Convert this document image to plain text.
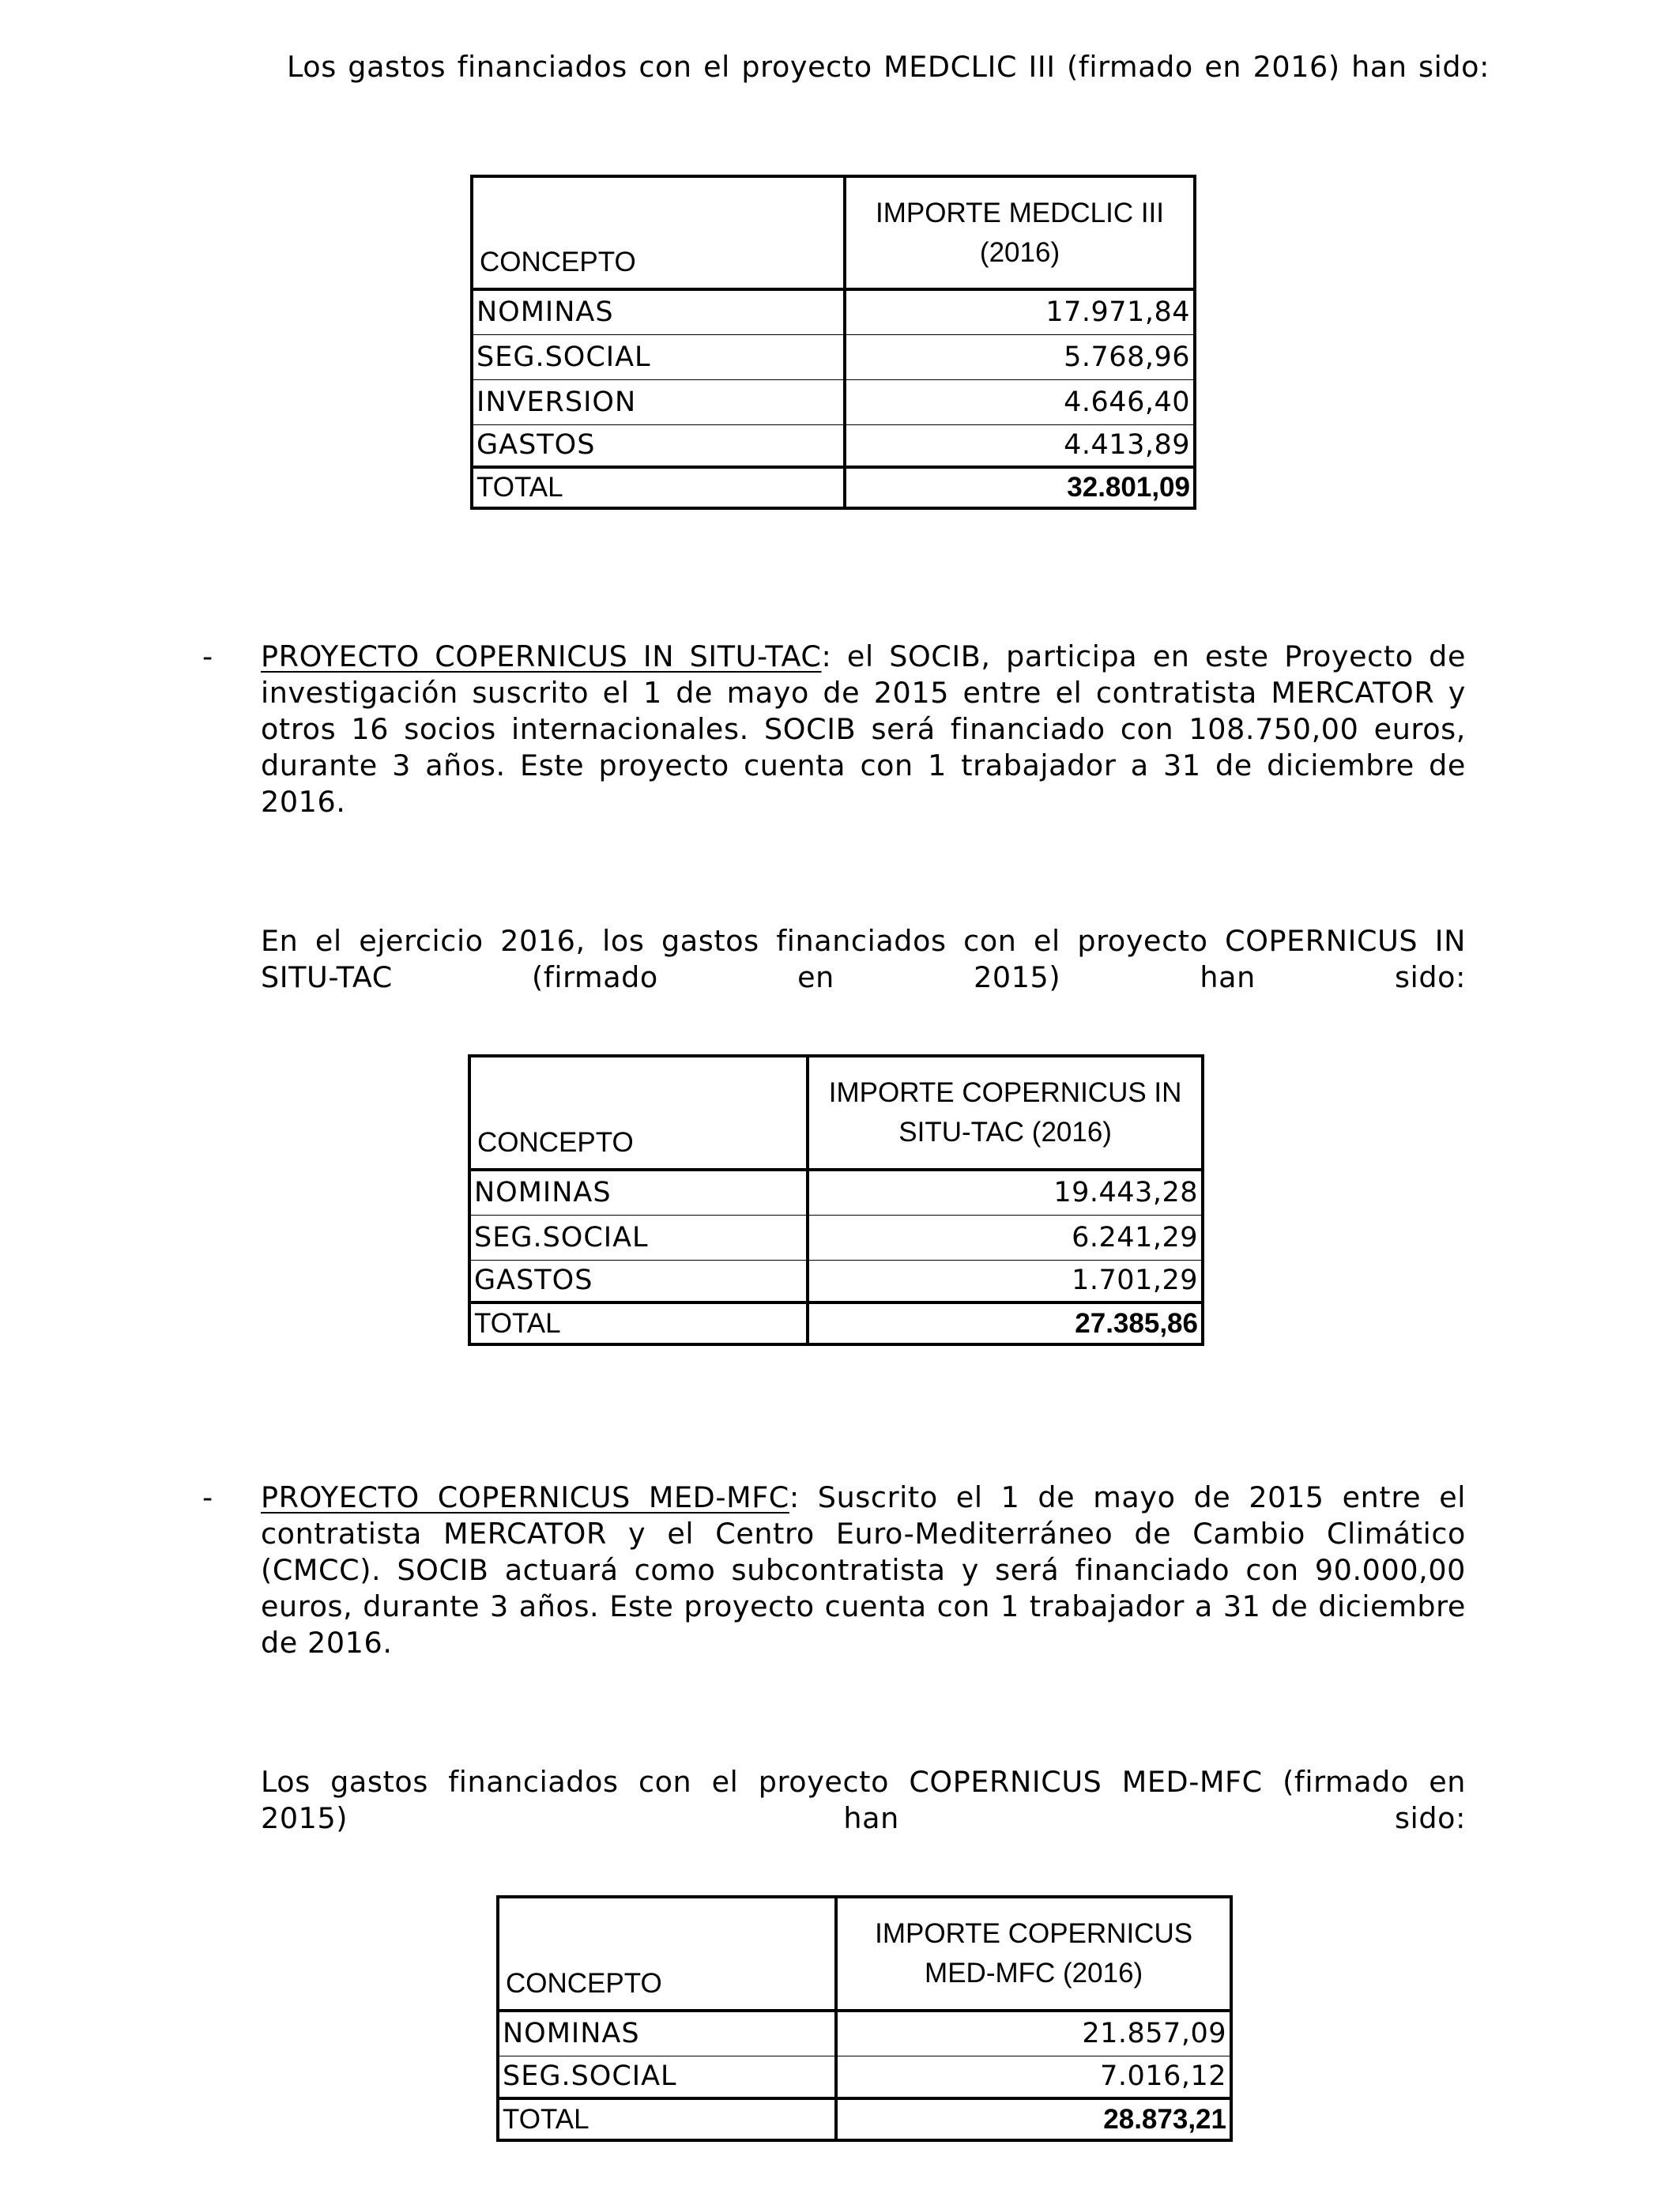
Los gastos financiados con el proyecto MEDCLIC III (firmado en 2016) han sido:

CONCEPTO	IMPORTE MEDCLIC III (2016)
NOMINAS	17.971,84
SEG.SOCIAL	5.768,96
INVERSION	4.646,40
GASTOS	4.413,89
TOTAL	32.801,09
- PROYECTO COPERNICUS IN SITU-TAC: el SOCIB, participa en este Proyecto de investigación suscrito el 1 de mayo de 2015 entre el contratista MERCATOR y otros 16 socios internacionales. SOCIB será financiado con 108.750,00 euros, durante 3 años. Este proyecto cuenta con 1 trabajador a 31 de diciembre de 2016.

En el ejercicio 2016, los gastos financiados con el proyecto COPERNICUS IN SITU-TAC (firmado en 2015) han sido:

CONCEPTO	IMPORTE COPERNICUS IN SITU-TAC (2016)
NOMINAS	19.443,28
SEG.SOCIAL	6.241,29
GASTOS	1.701,29
TOTAL	27.385,86
- PROYECTO COPERNICUS MED-MFC: Suscrito el 1 de mayo de 2015 entre el contratista MERCATOR y el Centro Euro-Mediterráneo de Cambio Climático (CMCC). SOCIB actuará como subcontratista y será financiado con 90.000,00 euros, durante 3 años. Este proyecto cuenta con 1 trabajador a 31 de diciembre de 2016.

Los gastos financiados con el proyecto COPERNICUS MED-MFC (firmado en 2015) han sido:

CONCEPTO	IMPORTE COPERNICUS MED-MFC (2016)
NOMINAS	21.857,09
SEG.SOCIAL	7.016,12
TOTAL	28.873,21
